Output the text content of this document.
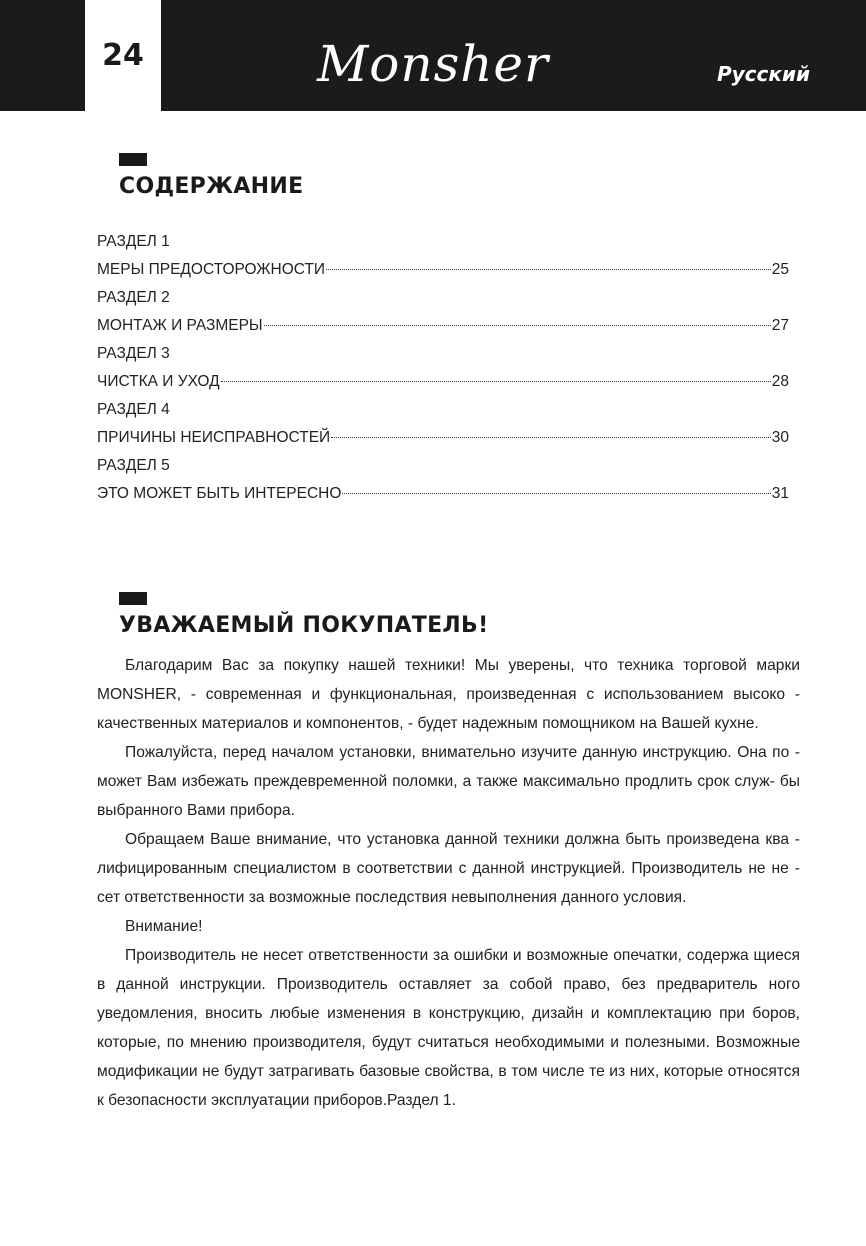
24	Monsher	Русский
СОДЕРЖАНИЕ
РАЗДЕЛ 1
МЕРЫ ПРЕДОСТОРОЖНОСТИ	25
РАЗДЕЛ 2
МОНТАЖ И РАЗМЕРЫ	27
РАЗДЕЛ 3
ЧИСТКА И УХОД	28
РАЗДЕЛ 4
ПРИЧИНЫ НЕИСПРАВНОСТЕЙ	30
РАЗДЕЛ 5
ЭТО МОЖЕТ БЫТЬ ИНТЕРЕСНО	31
УВАЖАЕМЫЙ ПОКУПАТЕЛЬ!

Благодарим Вас за покупку нашей техники! Мы уверены, что техника торговой марки MONSHER, - современная и функциональная, произведенная с использованием высоко - качественных материалов и компонентов, - будет надежным помощником на Вашей кухне.

Пожалуйста, перед началом установки, внимательно изучите данную инструкцию. Она по - может Вам избежать преждевременной поломки, а также максимально продлить срок служ- бы выбранного Вами прибора.

Обращаем Ваше внимание, что установка данной техники должна быть произведена ква - лифицированным специалистом в соответствии с данной инструкцией. Производитель не не - сет ответственности за возможные последствия невыполнения данного условия.

Внимание!

Производитель не несет ответственности за ошибки и возможные опечатки, содержа щиеся в данной инструкции. Производитель оставляет за собой право, без предваритель ного уведомления, вносить любые изменения в конструкцию, дизайн и комплектацию при боров, которые, по мнению производителя, будут считаться необходимыми и полезными. Возможные модификации не будут затрагивать базовые свойства, в том числе те из них, которые относятся к безопасности эксплуатации приборов.Раздел 1.
